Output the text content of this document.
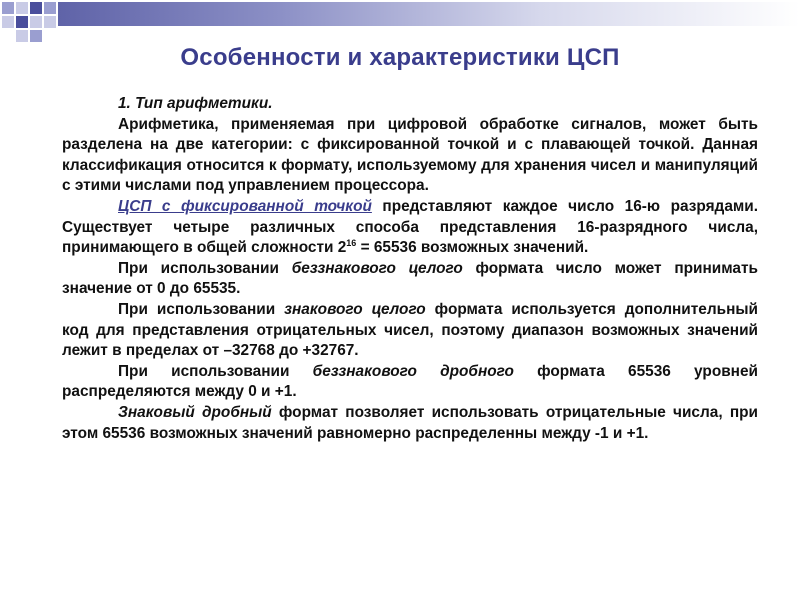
Особенности и характеристики ЦСП

1. Тип арифметики.

Арифметика, применяемая при цифровой обработке сигналов, может быть разделена на две категории: с фиксированной точкой и с плавающей точкой. Данная классификация относится к формату, используемому для хранения чисел и манипуляций с этими числами под управлением процессора.

ЦСП с фиксированной точкой представляют каждое число 16-ю разрядами. Существует четыре различных способа представления 16-разрядного числа, принимающего в общей сложности $2^{16} = 65536$ возможных значений.

При использовании беззнакового целого формата число может принимать значение от 0 до 65535.

При использовании знакового целого формата используется дополнительный код для представления отрицательных чисел, поэтому диапазон возможных значений лежит в пределах от –32768 до +32767.

При использовании беззнакового дробного формата 65536 уровней распределяются между 0 и +1.

Знаковый дробный формат позволяет использовать отрицательные числа, при этом 65536 возможных значений равномерно распределенны между -1 и +1.
